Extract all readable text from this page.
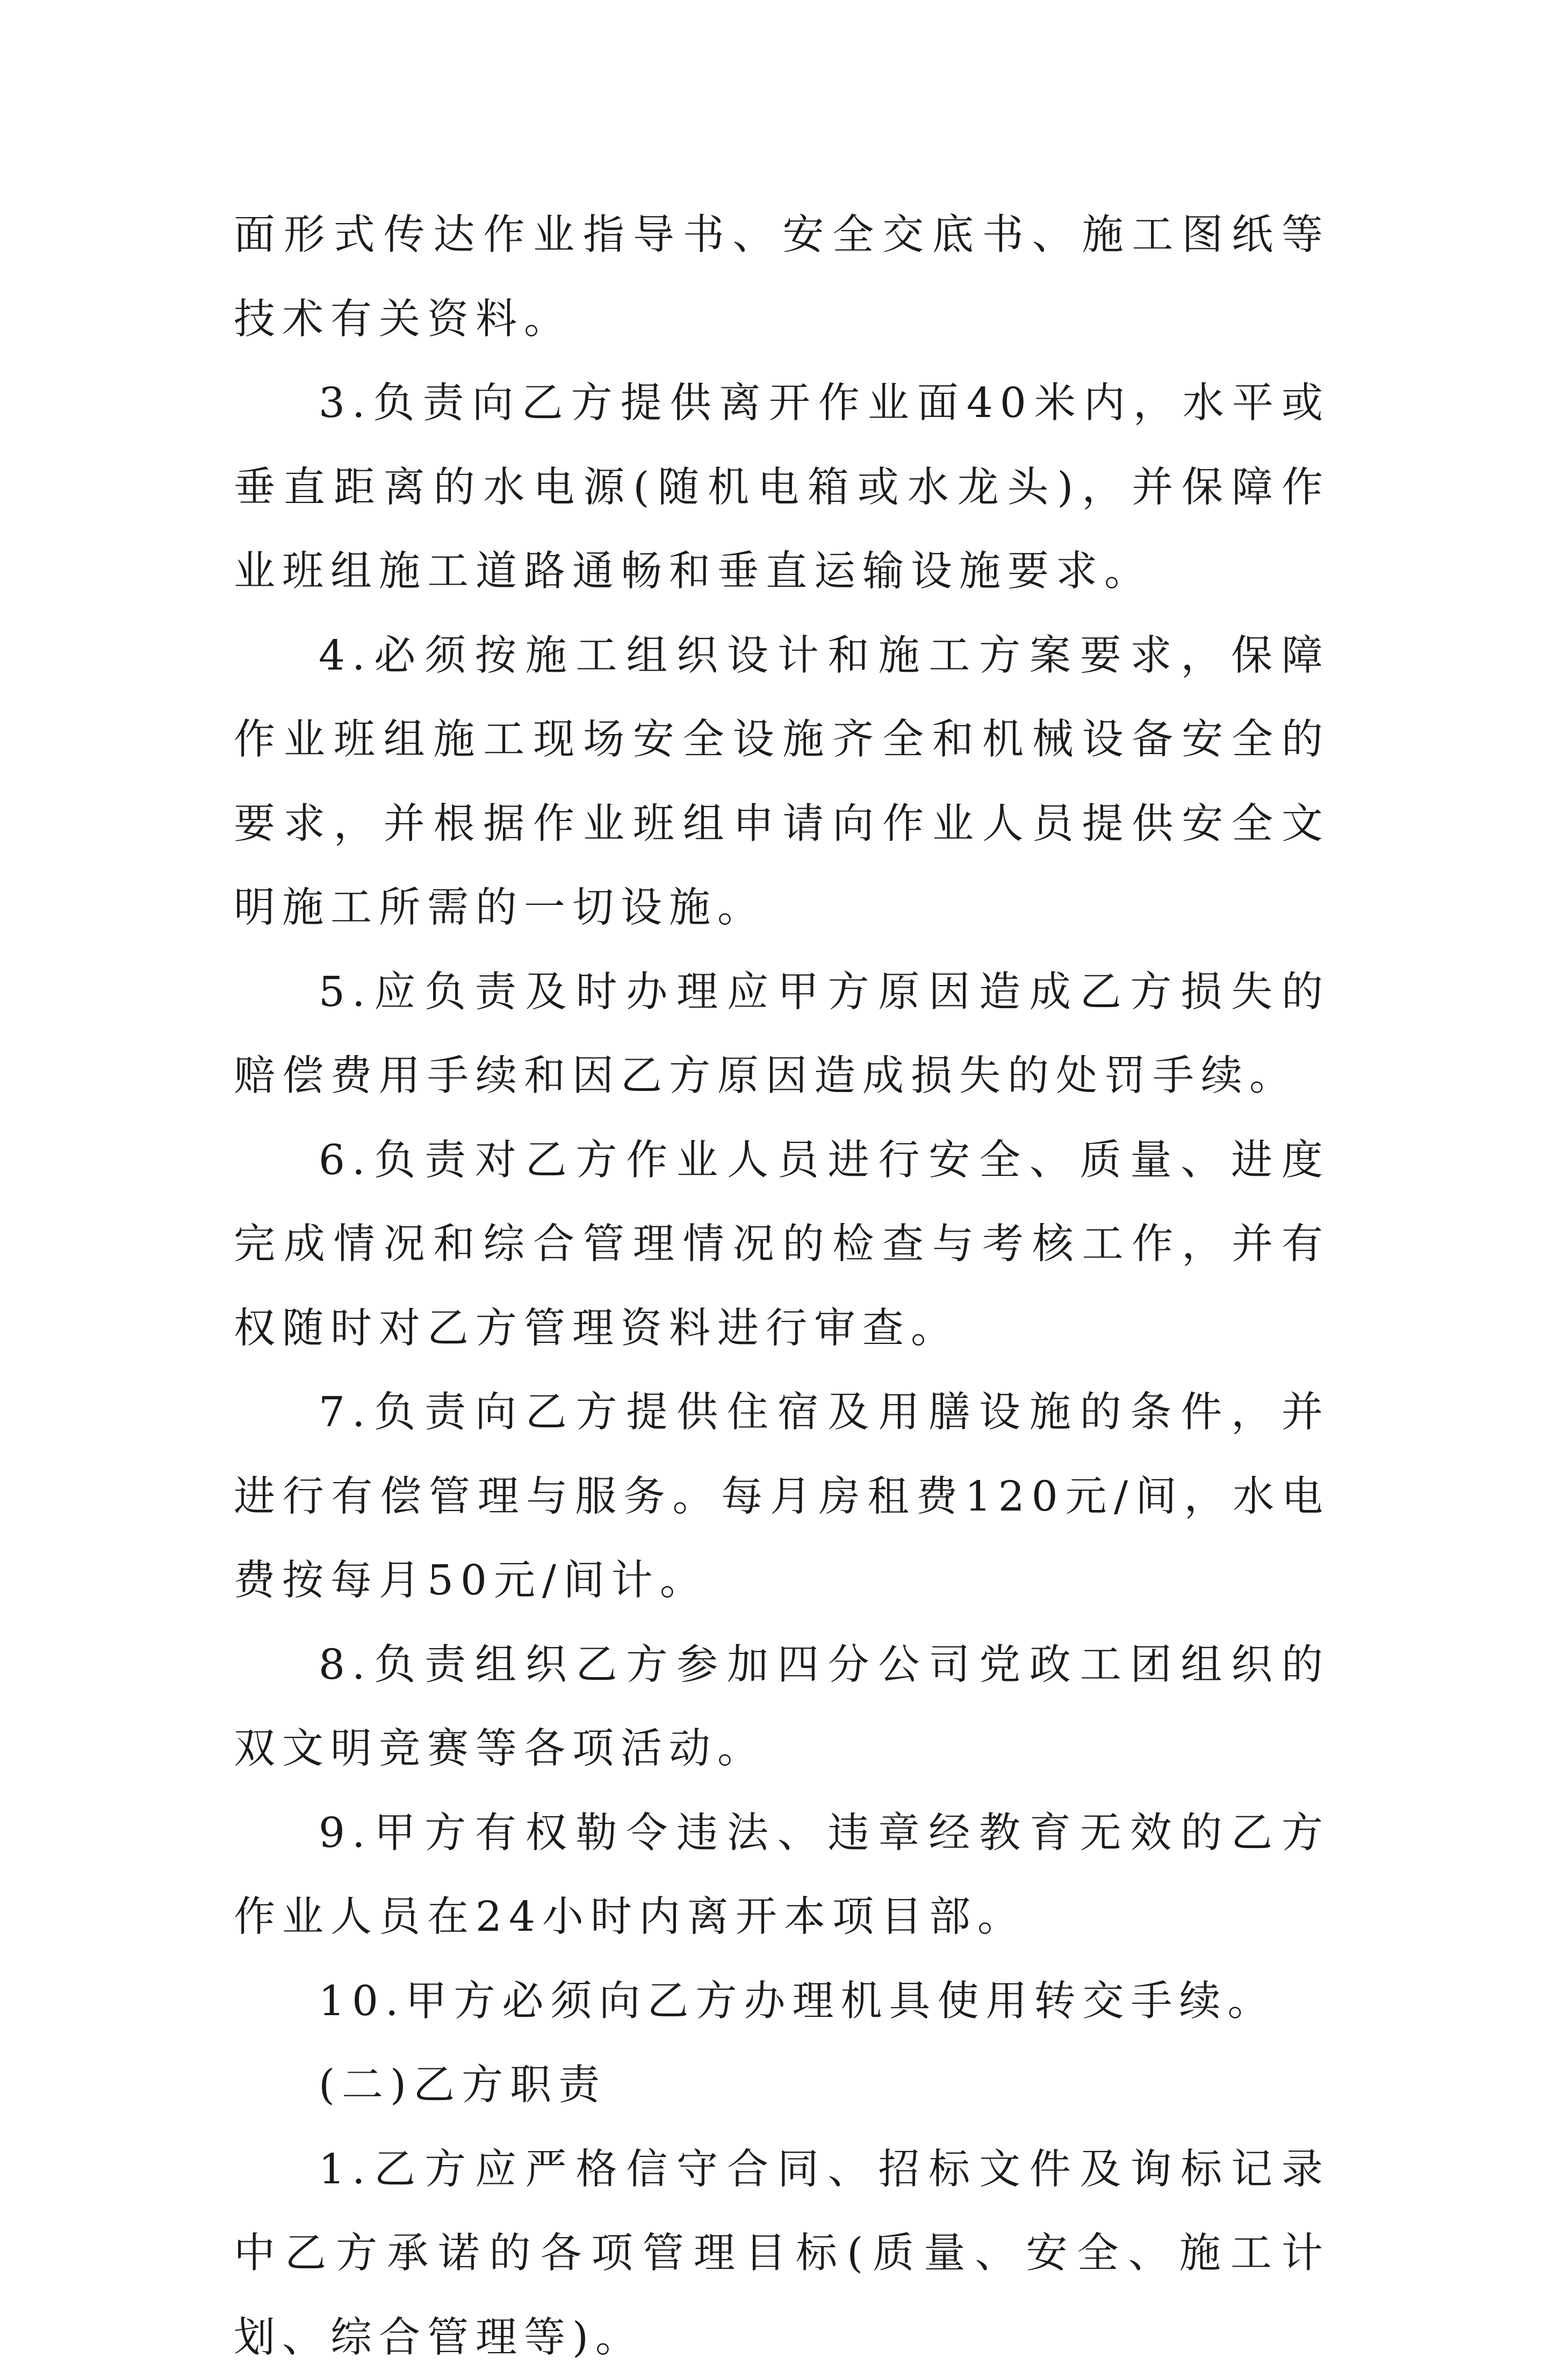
面形式传达作业指导书、安全交底书、施工图纸等技术有关资料。

3.负责向乙方提供离开作业面40米内，水平或垂直距离的水电源(随机电箱或水龙头)，并保障作业班组施工道路通畅和垂直运输设施要求。

4.必须按施工组织设计和施工方案要求，保障作业班组施工现场安全设施齐全和机械设备安全的要求，并根据作业班组申请向作业人员提供安全文明施工所需的一切设施。

5.应负责及时办理应甲方原因造成乙方损失的赔偿费用手续和因乙方原因造成损失的处罚手续。

6.负责对乙方作业人员进行安全、质量、进度完成情况和综合管理情况的检查与考核工作，并有权随时对乙方管理资料进行审查。

7.负责向乙方提供住宿及用膳设施的条件，并进行有偿管理与服务。每月房租费120元/间，水电费按每月50元/间计。

8.负责组织乙方参加四分公司党政工团组织的双文明竞赛等各项活动。

9.甲方有权勒令违法、违章经教育无效的乙方作业人员在24小时内离开本项目部。

10.甲方必须向乙方办理机具使用转交手续。

(二)乙方职责

1.乙方应严格信守合同、招标文件及询标记录中乙方承诺的各项管理目标(质量、安全、施工计划、综合管理等)。
